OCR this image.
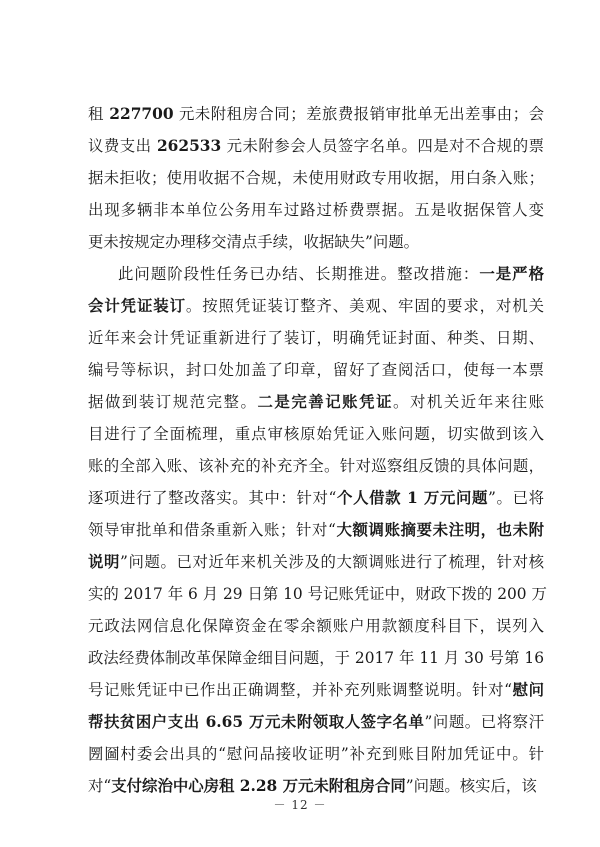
租 227700 元未附租房合同；差旅费报销审批单无出差事由；会
议费支出 262533 元未附参会人员签字名单。四是对不合规的票
据未拒收；使用收据不合规，未使用财政专用收据，用白条入账；
出现多辆非本单位公务用车过路过桥费票据。五是收据保管人变
更未按规定办理移交清点手续，收据缺失”问题。
此问题阶段性任务已办结、长期推进。整改措施：一是严格
会计凭证装订。按照凭证装订整齐、美观、牢固的要求，对机关
近年来会计凭证重新进行了装订，明确凭证封面、种类、日期、
编号等标识，封口处加盖了印章，留好了查阅活口，使每一本票
据做到装订规范完整。二是完善记账凭证。对机关近年来往账
目进行了全面梳理，重点审核原始凭证入账问题，切实做到该入
账的全部入账、该补充的补充齐全。针对巡察组反馈的具体问题，
逐项进行了整改落实。其中：针对“个人借款 1 万元问题”。已将
领导审批单和借条重新入账；针对“大额调账摘要未注明，也未附
说明”问题。已对近年来机关涉及的大额调账进行了梳理，针对核
实的 2017 年 6 月 29 日第 10 号记账凭证中，财政下拨的 200 万
元政法网信息化保障资金在零余额账户用款额度科目下，误列入
政法经费体制改革保障金细目问题，于 2017 年 11 月 30 号第 16
号记账凭证中已作出正确调整，并补充列账调整说明。针对“慰问
帮扶贫困户支出 6.65 万元未附领取人签字名单”问题。已将察汗
圐圙村委会出具的“慰问品接收证明”补充到账目附加凭证中。针
对“支付综治中心房租 2.28 万元未附租房合同”问题。核实后，该
－ 12 －
